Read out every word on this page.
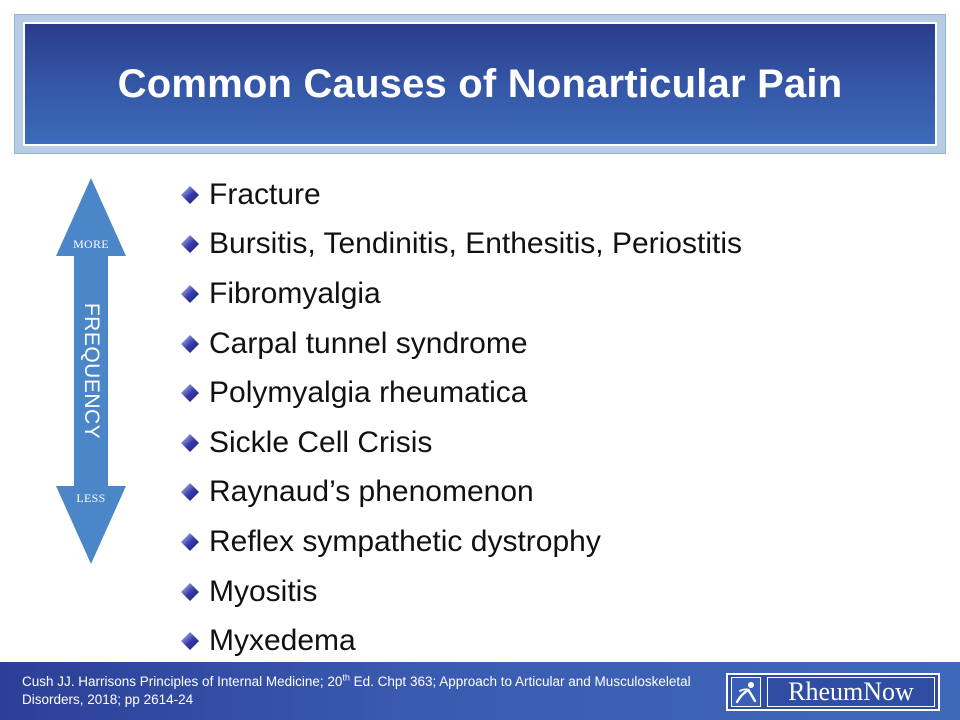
Common Causes of Nonarticular Pain
MORE
FREQUENCY
LESS
Fracture
Bursitis, Tendinitis, Enthesitis, Periostitis
Fibromyalgia
Carpal tunnel syndrome
Polymyalgia rheumatica
Sickle Cell Crisis
Raynaud’s phenomenon
Reflex sympathetic dystrophy
Myositis
Myxedema
Cush JJ. Harrisons Principles of Internal Medicine; 20th Ed. Chpt 363; Approach to Articular and Musculoskeletal Disorders, 2018; pp 2614-24	RheumNow
